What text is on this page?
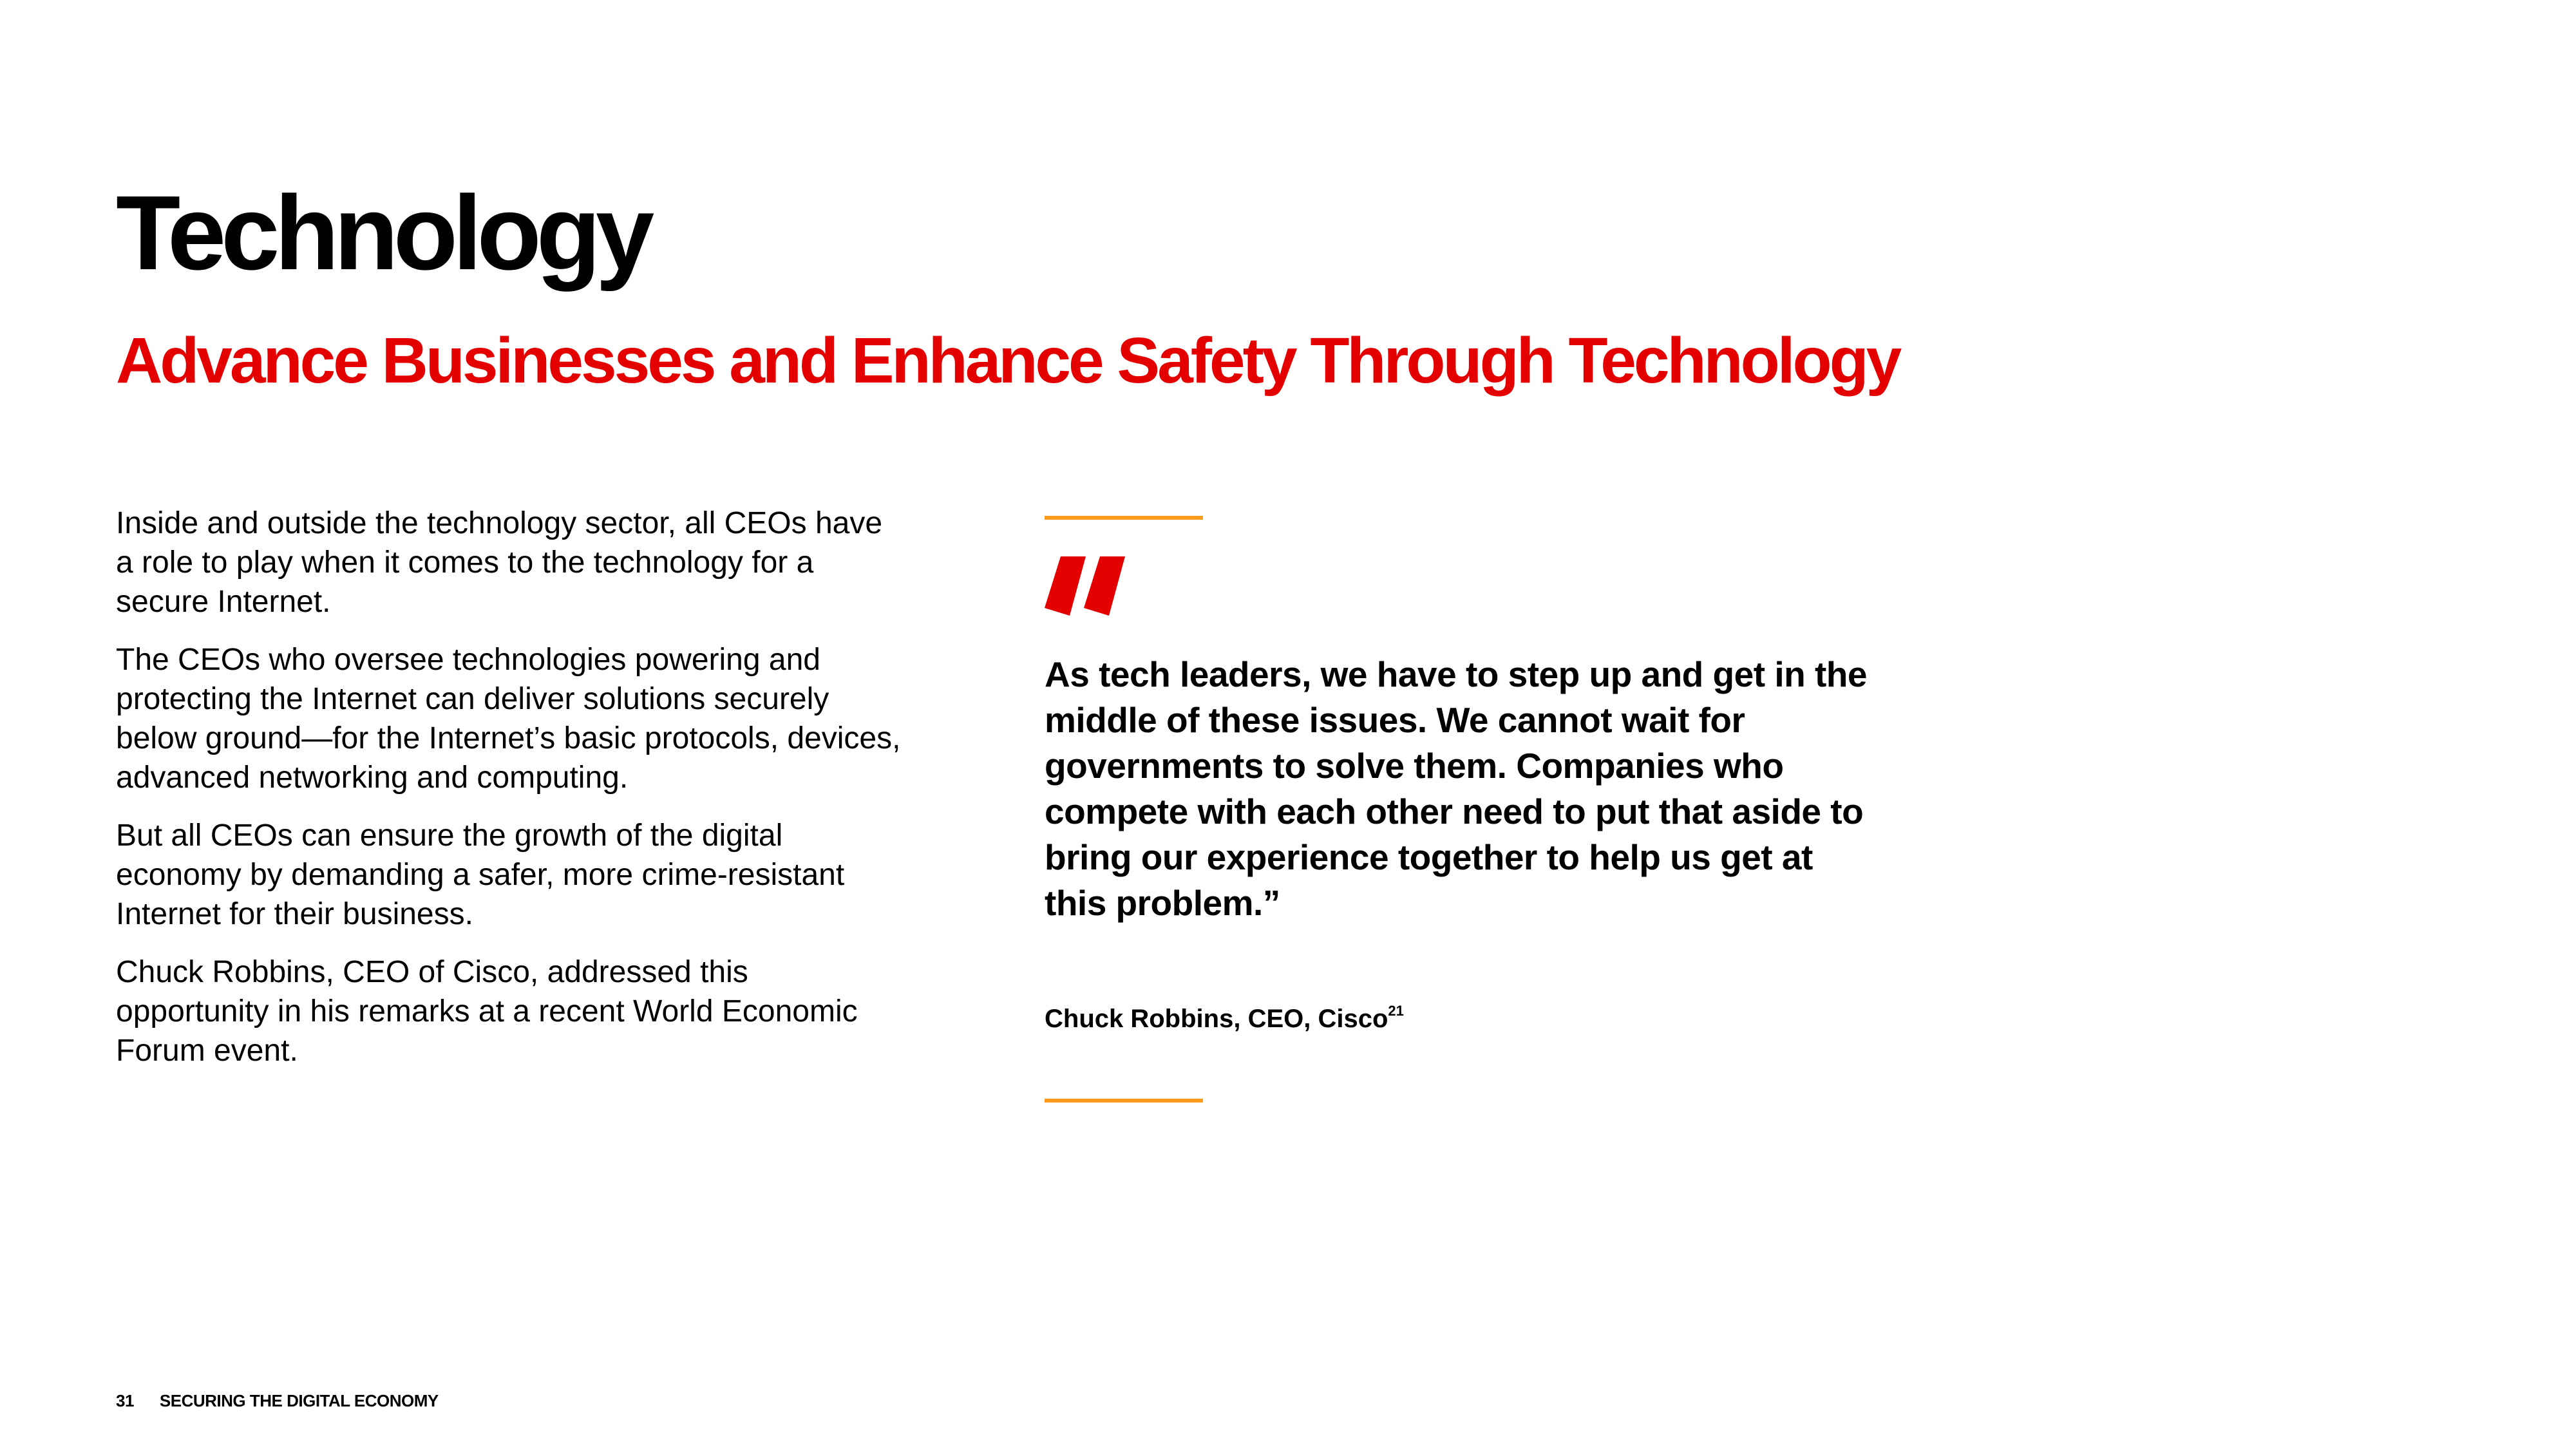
Technology
Advance Businesses and Enhance Safety Through Technology

Inside and outside the technology sector, all CEOs have a role to play when it comes to the technology for a secure Internet.

The CEOs who oversee technologies powering and protecting the Internet can deliver solutions securely below ground—for the Internet’s basic protocols, devices, advanced networking and computing.

But all CEOs can ensure the growth of the digital economy by demanding a safer, more crime-resistant Internet for their business.

Chuck Robbins, CEO of Cisco, addressed this opportunity in his remarks at a recent World Economic Forum event.

As tech leaders, we have to step up and get in the middle of these issues. We cannot wait for governments to solve them. Companies who compete with each other need to put that aside to bring our experience together to help us get at this problem.”

Chuck Robbins, CEO, Cisco$^{21}$

31 SECURING THE DIGITAL ECONOMY
